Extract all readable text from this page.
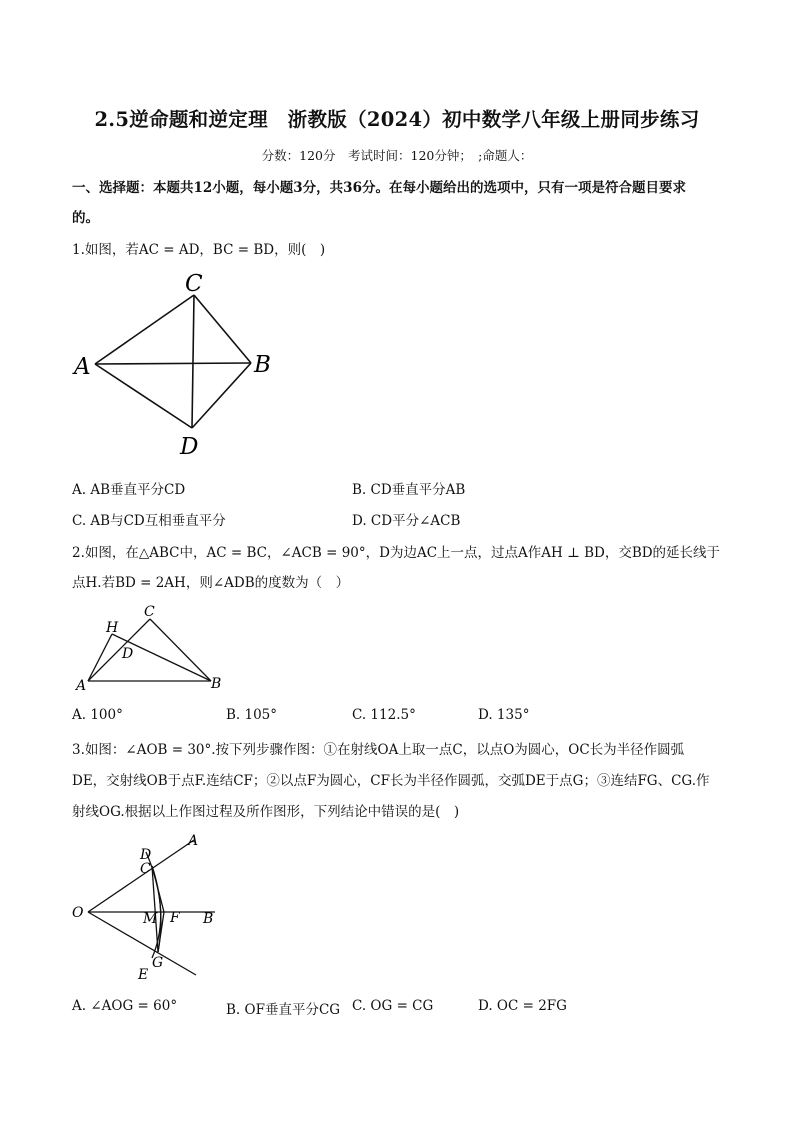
2.5逆命题和逆定理　浙教版（2024）初中数学八年级上册同步练习
分数：120分　考试时间：120分钟；　;命题人：
一、选择题：本题共12小题，每小题3分，共36分。在每小题给出的选项中，只有一项是符合题目要求
的。
1.如图，若AC = AD，BC = BD，则(　)
A	B
C
D
A. AB垂直平分CD	B. CD垂直平分AB
C. AB与CD互相垂直平分	D. CD平分∠ACB
2.如图，在△ABC中，AC = BC，∠ACB = 90°，D为边AC上一点，过点A作AH ⊥ BD，交BD的延长线于
点H.若BD = 2AH，则∠ADB的度数为（　）
A	B
C
D
H
A. 100°	B. 105°	C. 112.5°	D. 135°
3.如图：∠AOB = 30°.按下列步骤作图：①在射线OA上取一点C，以点O为圆心，OC长为半径作圆弧
DE，交射线OB于点F.连结CF；②以点F为圆心，CF长为半径作圆弧，交弧DE于点G；③连结FG、CG.作
射线OG.根据以上作图过程及所作图形，下列结论中错误的是(　)
O
A
B
D
C
M F
G
E
A. ∠AOG = 60°	B. OF垂直平分CG C. OG = CG	D. OC = 2FG
